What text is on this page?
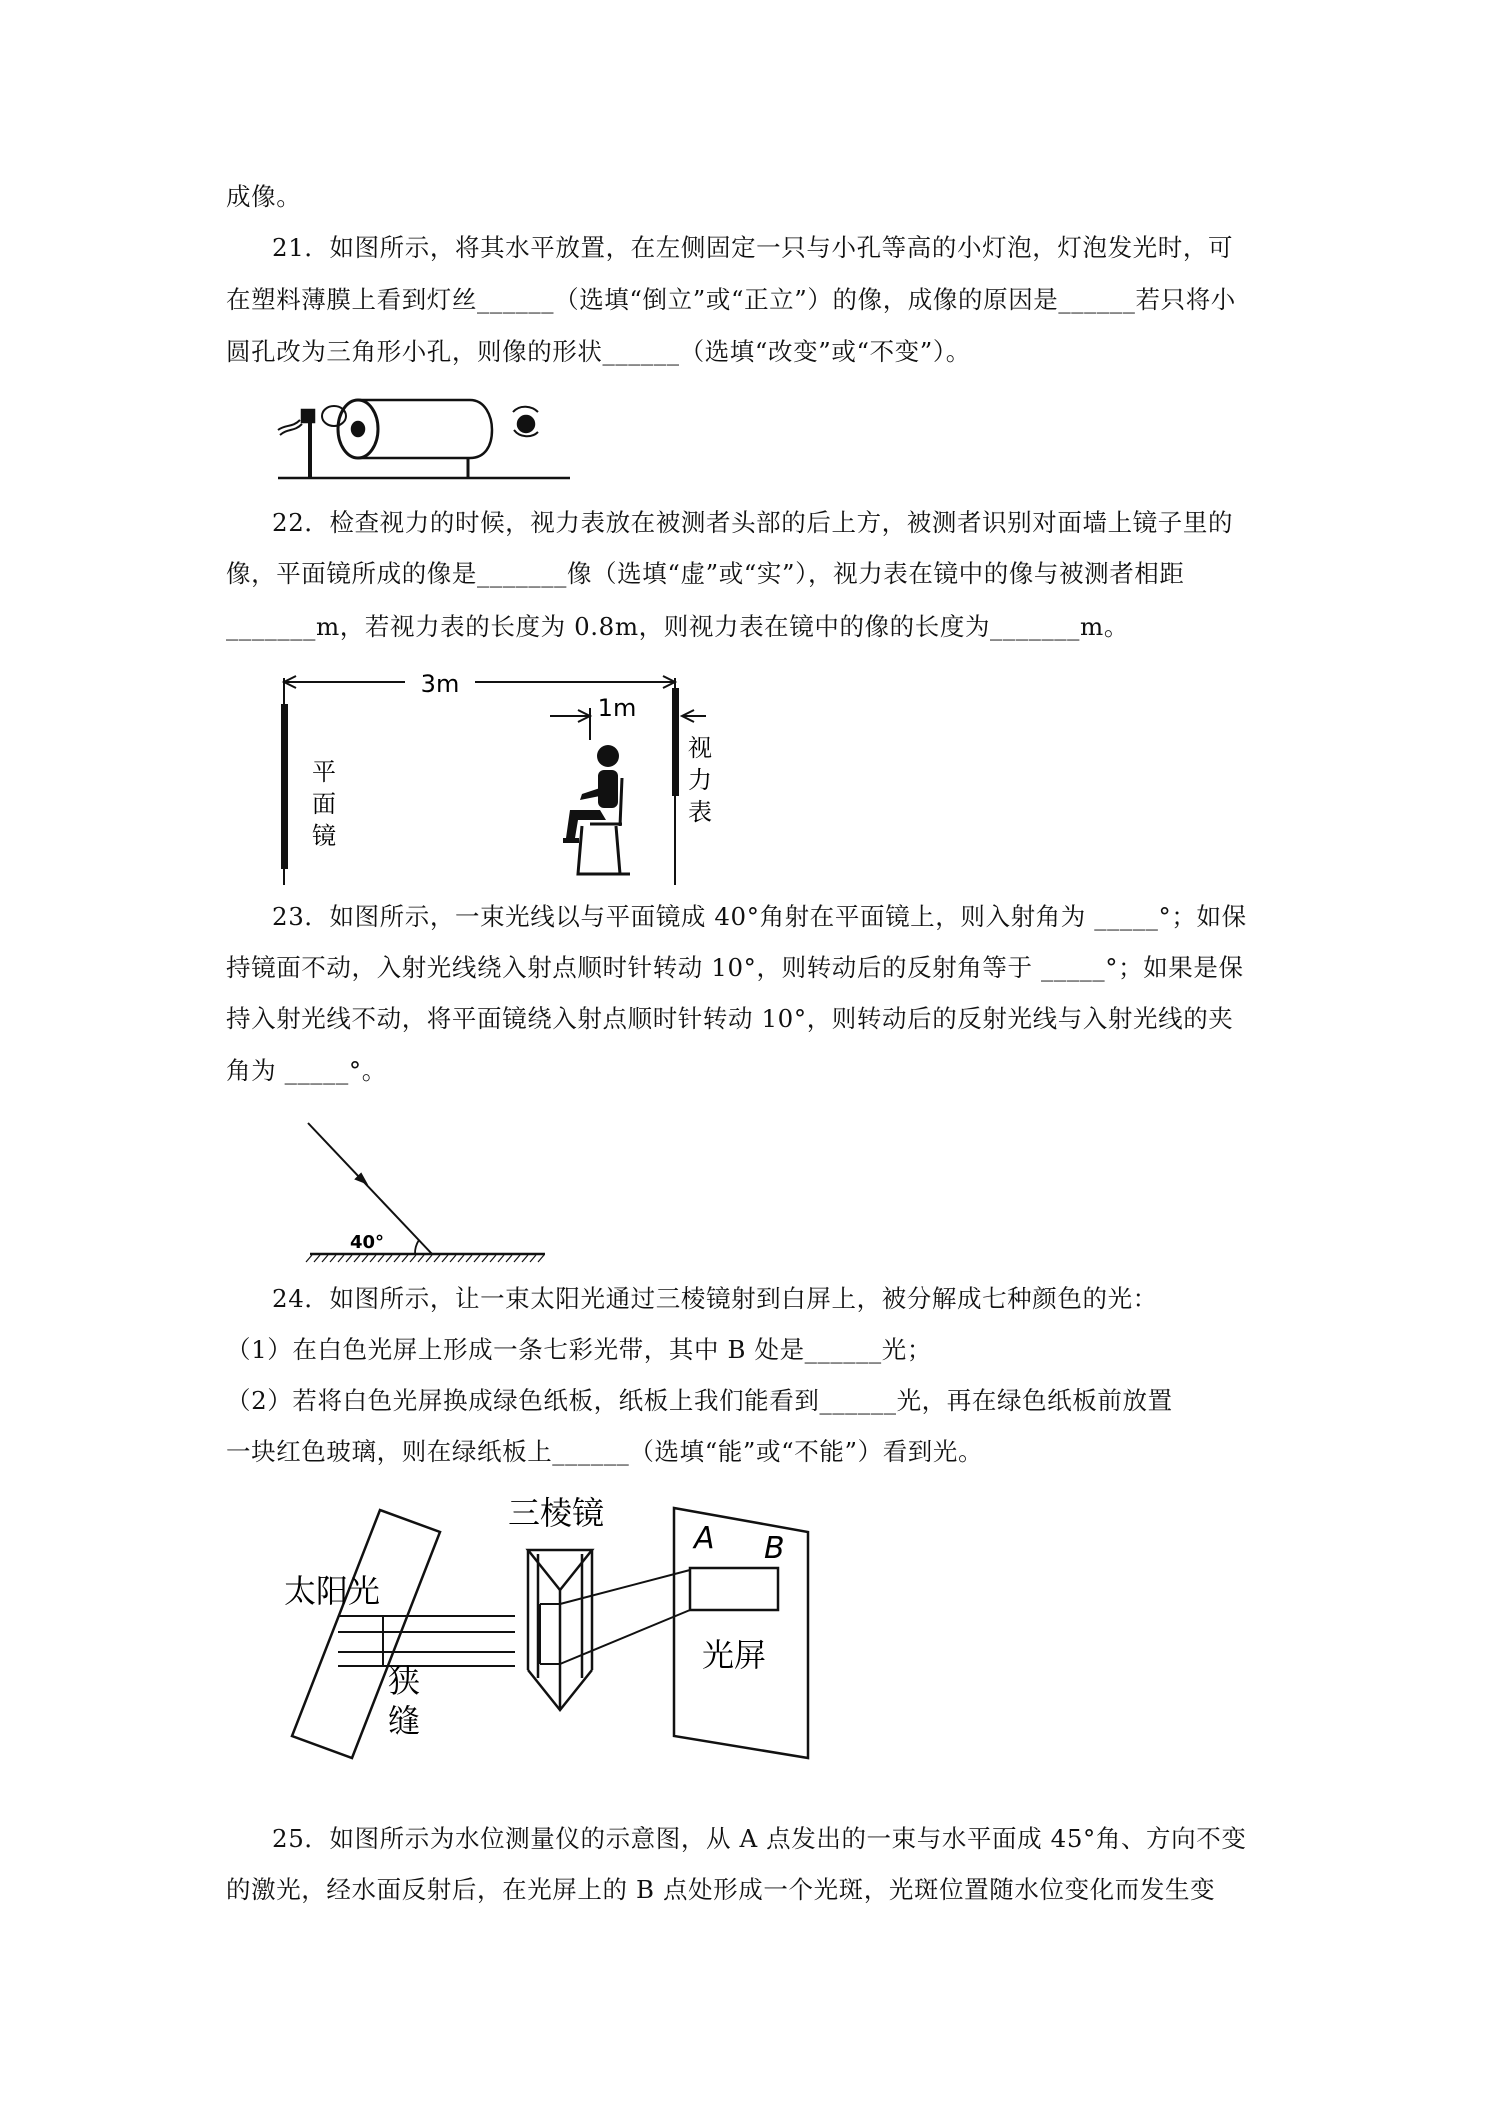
成像。
21．如图所示，将其水平放置，在左侧固定一只与小孔等高的小灯泡，灯泡发光时，可
在塑料薄膜上看到灯丝______（选填“倒立”或“正立”）的像，成像的原因是______若只将小
圆孔改为三角形小孔，则像的形状______（选填“改变”或“不变”）。
22．检查视力的时候，视力表放在被测者头部的后上方，被测者识别对面墙上镜子里的
像，平面镜所成的像是_______像（选填“虚”或“实”），视力表在镜中的像与被测者相距
_______m，若视力表的长度为 0.8m，则视力表在镜中的像的长度为_______m。
3m
1m
平
面
镜
视
力
表
23．如图所示，一束光线以与平面镜成 40°角射在平面镜上，则入射角为 _____°；如保
持镜面不动，入射光线绕入射点顺时针转动 10°，则转动后的反射角等于 _____°；如果是保
持入射光线不动，将平面镜绕入射点顺时针转动 10°，则转动后的反射光线与入射光线的夹
角为 _____°。
40°
24．如图所示，让一束太阳光通过三棱镜射到白屏上，被分解成七种颜色的光：
（1）在白色光屏上形成一条七彩光带，其中 B 处是______光；
（2）若将白色光屏换成绿色纸板，纸板上我们能看到______光，再在绿色纸板前放置
一块红色玻璃，则在绿纸板上______（选填“能”或“不能”）看到光。
太阳光
三棱镜
狭
缝
光屏
A B
25．如图所示为水位测量仪的示意图，从 A 点发出的一束与水平面成 45°角、方向不变
的激光，经水面反射后，在光屏上的 B 点处形成一个光斑，光斑位置随水位变化而发生变
